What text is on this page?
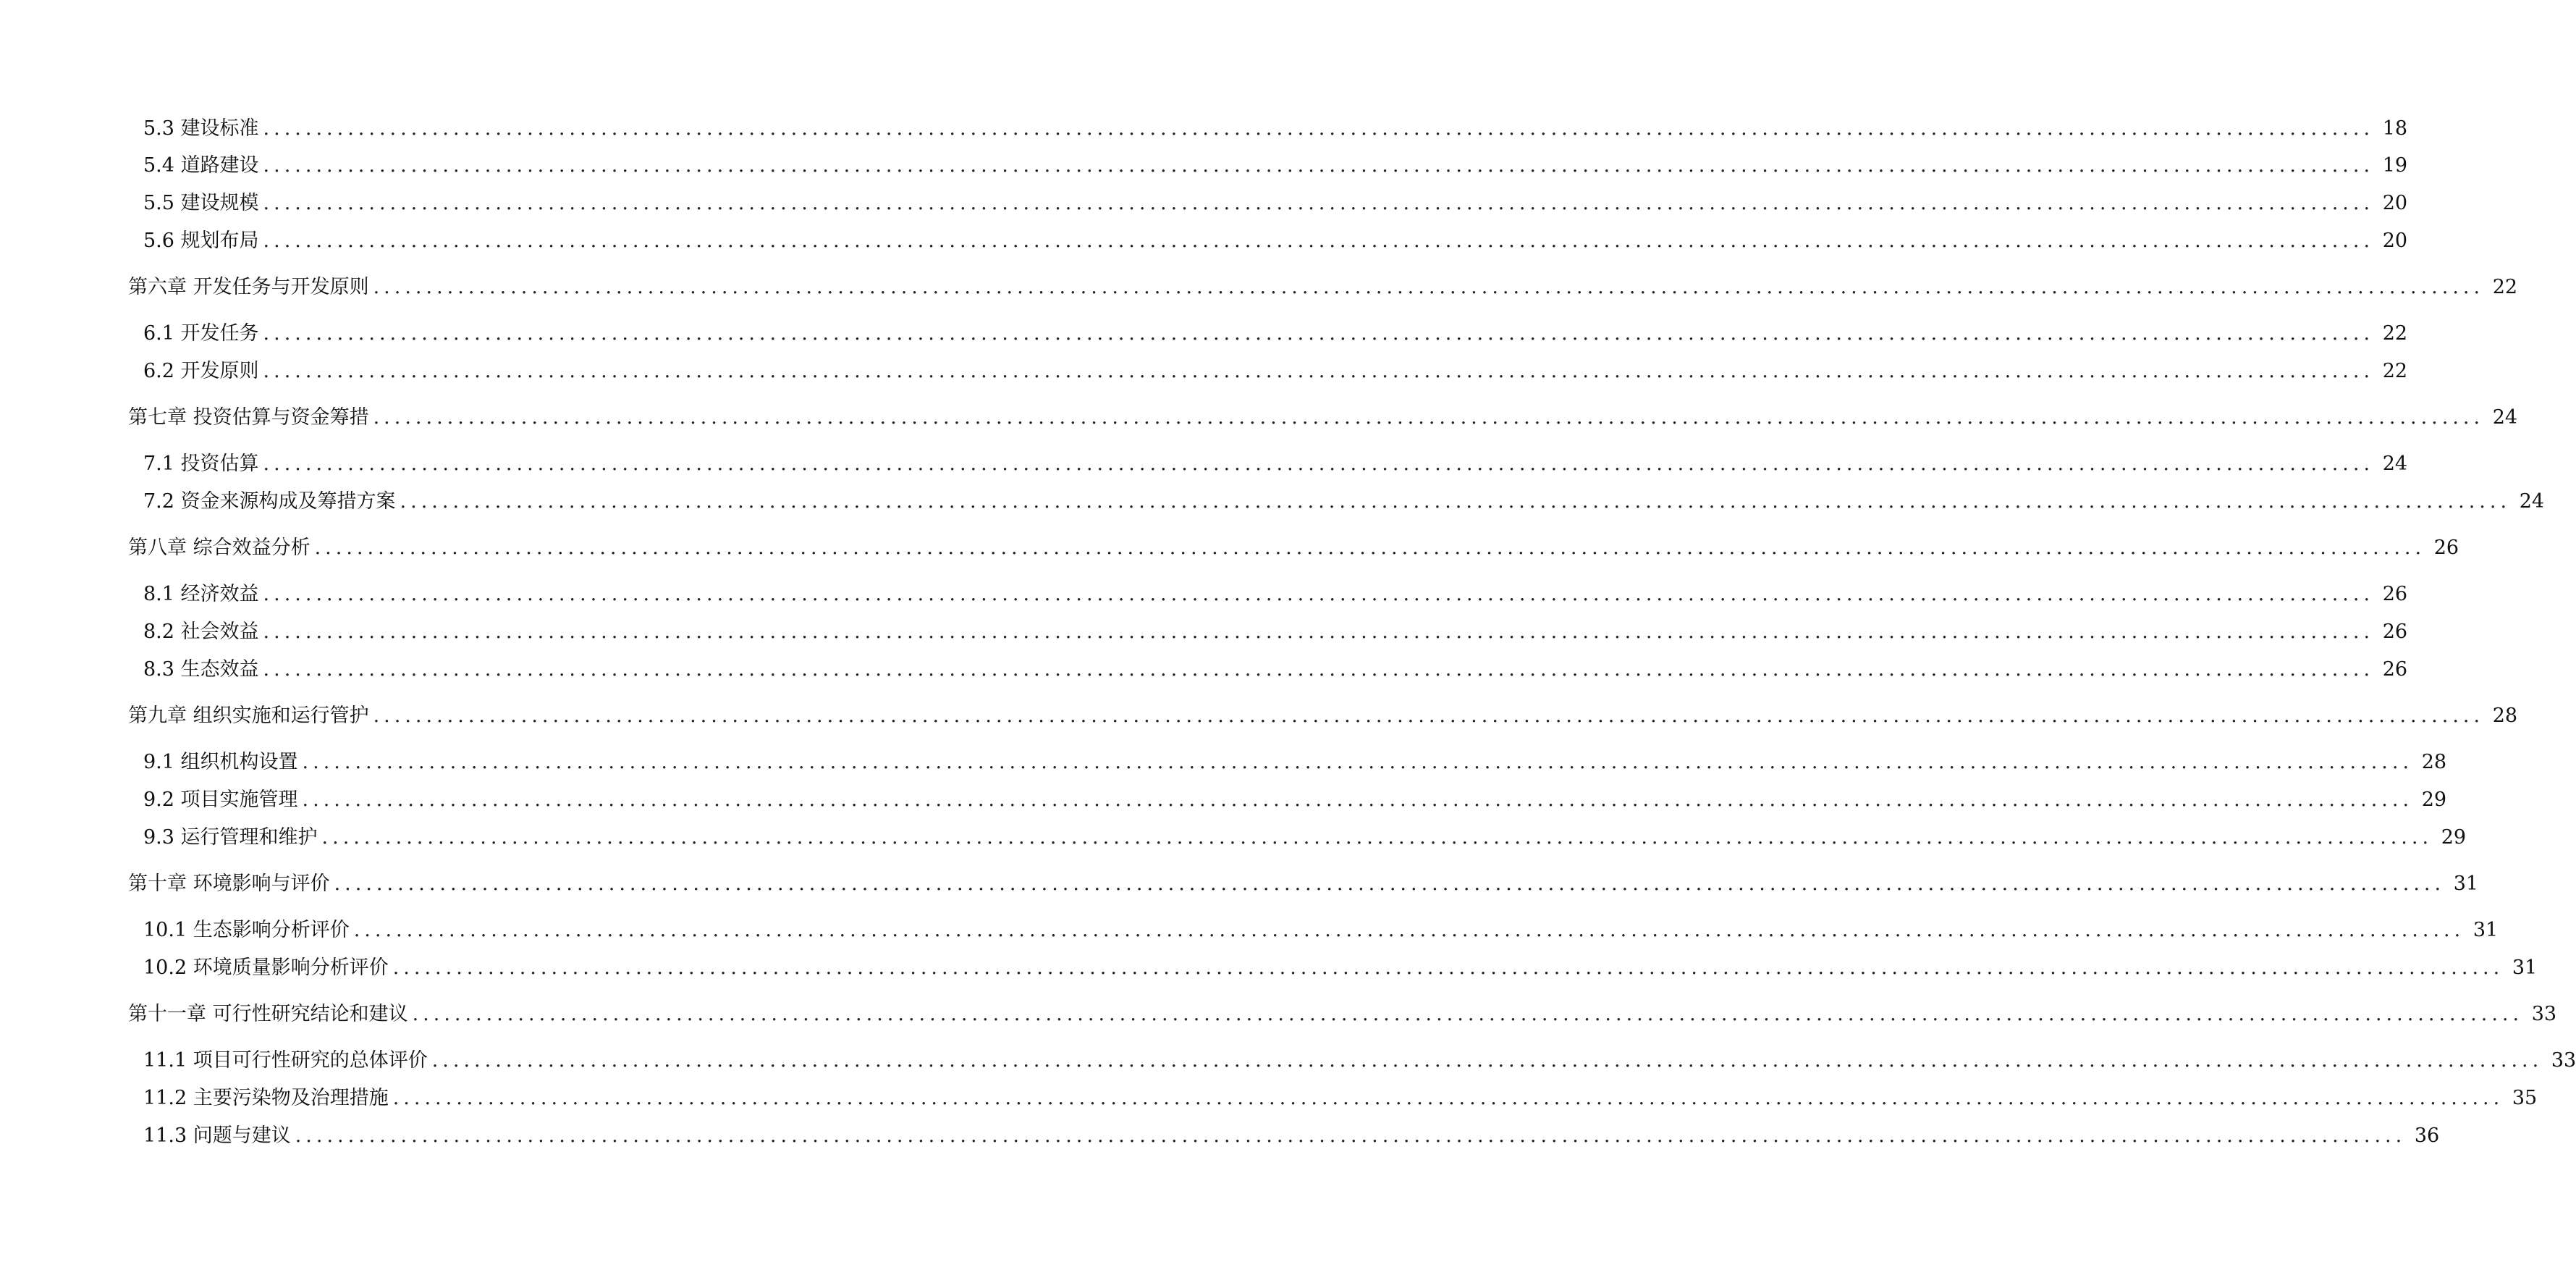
5.3 建设标准 ........................................................................................................................................................................................................ 18
5.4 道路建设 ........................................................................................................................................................................................................ 19
5.5 建设规模 ........................................................................................................................................................................................................ 20
5.6 规划布局 ........................................................................................................................................................................................................ 20
第六章 开发任务与开发原则 ........................................................................................................................................................................................................ 22
6.1 开发任务 ........................................................................................................................................................................................................ 22
6.2 开发原则 ........................................................................................................................................................................................................ 22
第七章 投资估算与资金筹措 ........................................................................................................................................................................................................ 24
7.1 投资估算 ........................................................................................................................................................................................................ 24
7.2 资金来源构成及筹措方案 ........................................................................................................................................................................................................ 24
第八章 综合效益分析 ........................................................................................................................................................................................................ 26
8.1 经济效益 ........................................................................................................................................................................................................ 26
8.2 社会效益 ........................................................................................................................................................................................................ 26
8.3 生态效益 ........................................................................................................................................................................................................ 26
第九章 组织实施和运行管护 ........................................................................................................................................................................................................ 28
9.1 组织机构设置 ........................................................................................................................................................................................................ 28
9.2 项目实施管理 ........................................................................................................................................................................................................ 29
9.3 运行管理和维护 ........................................................................................................................................................................................................ 29
第十章 环境影响与评价 ........................................................................................................................................................................................................ 31
10.1 生态影响分析评价 ........................................................................................................................................................................................................ 31
10.2 环境质量影响分析评价 ........................................................................................................................................................................................................ 31
第十一章 可行性研究结论和建议 ........................................................................................................................................................................................................ 33
11.1 项目可行性研究的总体评价 ........................................................................................................................................................................................................ 33
11.2 主要污染物及治理措施 ........................................................................................................................................................................................................ 35
11.3 问题与建议 ........................................................................................................................................................................................................ 36
